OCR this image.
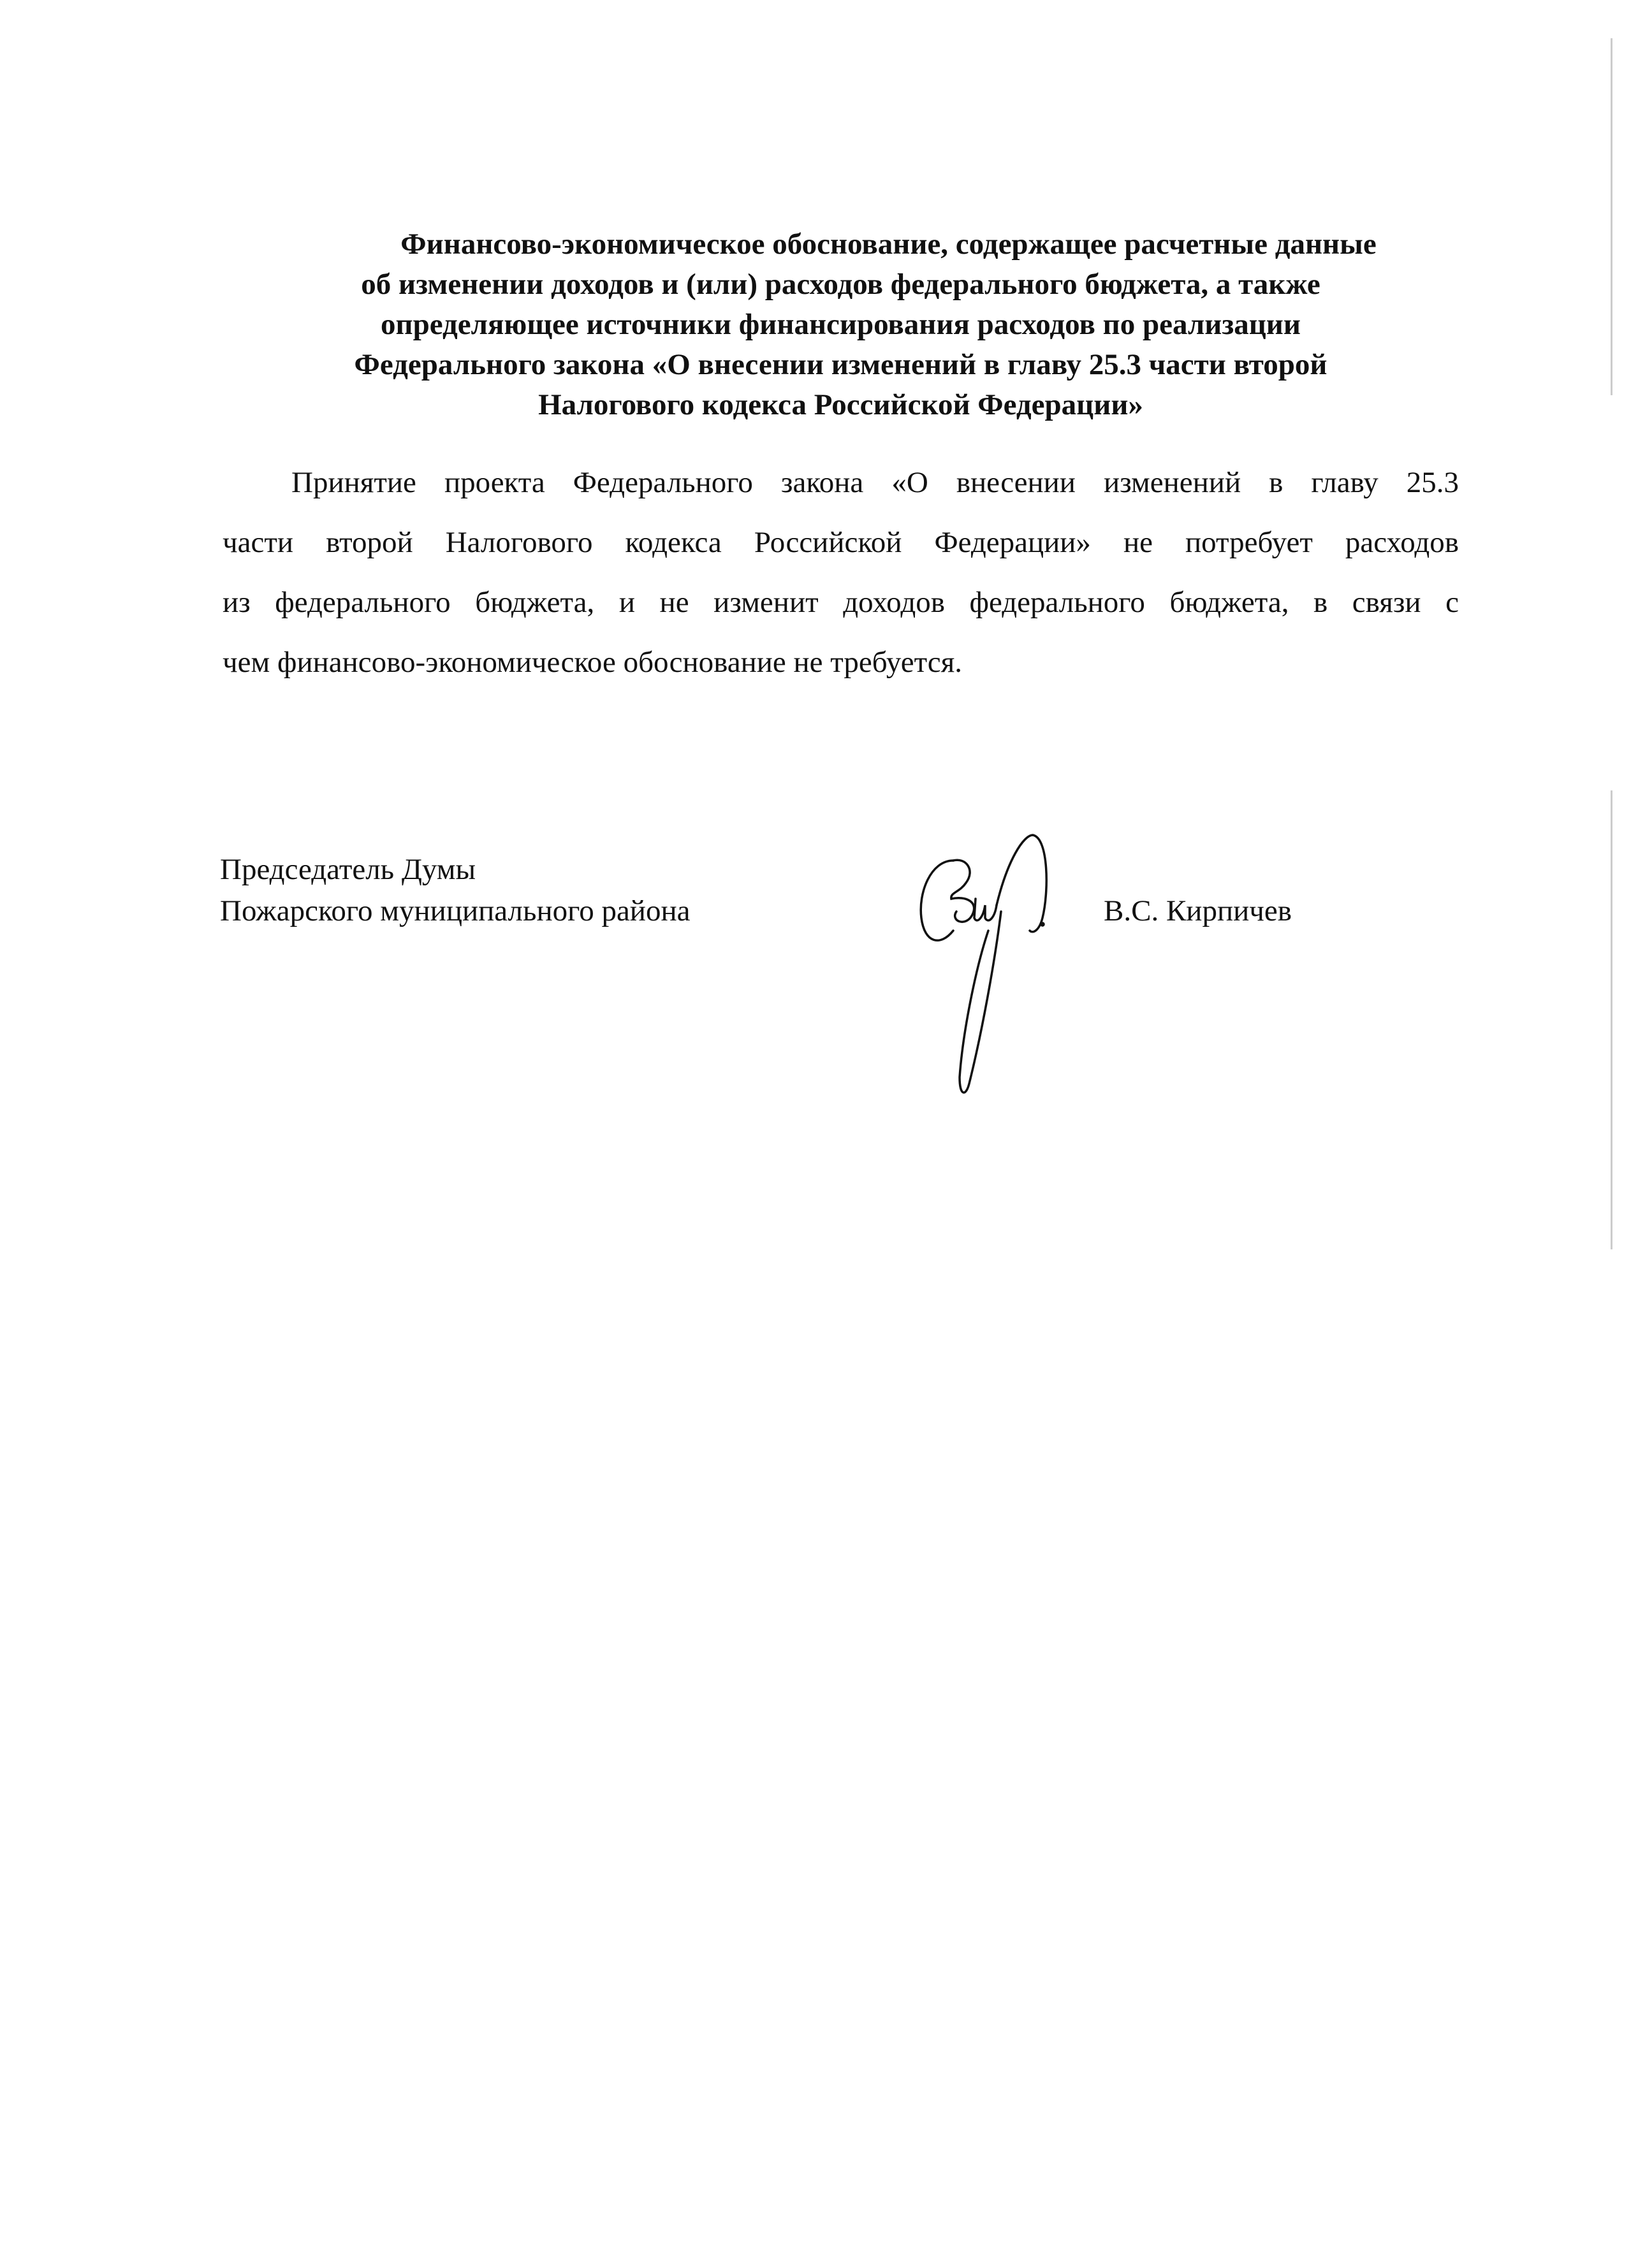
Финансово-экономическое обоснование, содержащее расчетные данные
об изменении доходов и (или) расходов федерального бюджета, а также
определяющее источники финансирования расходов по реализации
Федерального закона «О внесении изменений в главу 25.3 части второй
Налогового кодекса Российской Федерации»
Принятие проекта Федерального закона «О внесении изменений в главу 25.3
части второй Налогового кодекса Российской Федерации» не потребует расходов
из федерального бюджета, и не изменит доходов федерального бюджета, в связи с
чем финансово-экономическое обоснование не требуется.
Председатель Думы
Пожарского муниципального района	В.С. Кирпичев
